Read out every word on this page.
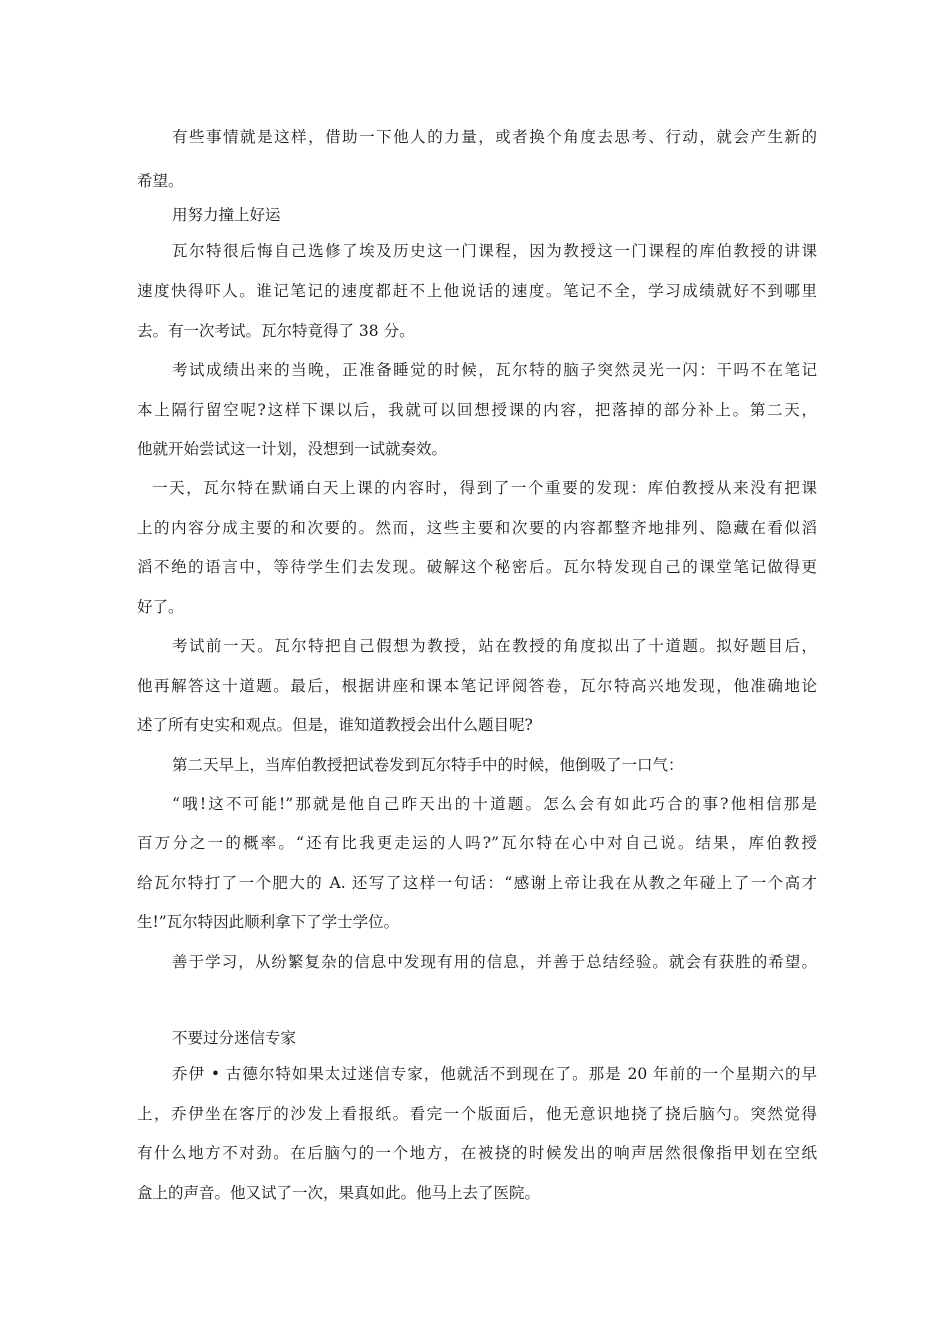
有些事情就是这样，借助一下他人的力量，或者换个角度去思考、行动，就会产生新的
希望。
用努力撞上好运
瓦尔特很后悔自己选修了埃及历史这一门课程，因为教授这一门课程的库伯教授的讲课
速度快得吓人。谁记笔记的速度都赶不上他说话的速度。笔记不全，学习成绩就好不到哪里
去。有一次考试。瓦尔特竟得了 38 分。
考试成绩出来的当晚，正准备睡觉的时候，瓦尔特的脑子突然灵光一闪：干吗不在笔记
本上隔行留空呢?这样下课以后，我就可以回想授课的内容，把落掉的部分补上。第二天，
他就开始尝试这一计划，没想到一试就奏效。
一天，瓦尔特在默诵白天上课的内容时，得到了一个重要的发现：库伯教授从来没有把课
上的内容分成主要的和次要的。然而，这些主要和次要的内容都整齐地排列、隐藏在看似滔
滔不绝的语言中，等待学生们去发现。破解这个秘密后。瓦尔特发现自己的课堂笔记做得更
好了。
考试前一天。瓦尔特把自己假想为教授，站在教授的角度拟出了十道题。拟好题目后，
他再解答这十道题。最后，根据讲座和课本笔记评阅答卷，瓦尔特高兴地发现，他准确地论
述了所有史实和观点。但是，谁知道教授会出什么题目呢?
第二天早上，当库伯教授把试卷发到瓦尔特手中的时候，他倒吸了一口气：
“哦!这不可能!”那就是他自己昨天出的十道题。怎么会有如此巧合的事?他相信那是
百万分之一的概率。“还有比我更走运的人吗?”瓦尔特在心中对自己说。结果，库伯教授
给瓦尔特打了一个肥大的 A. 还写了这样一句话：“感谢上帝让我在从教之年碰上了一个高才
生!”瓦尔特因此顺利拿下了学士学位。
善于学习，从纷繁复杂的信息中发现有用的信息，并善于总结经验。就会有获胜的希望。
不要过分迷信专家
乔伊 • 古德尔特如果太过迷信专家，他就活不到现在了。那是 20 年前的一个星期六的早
上，乔伊坐在客厅的沙发上看报纸。看完一个版面后，他无意识地挠了挠后脑勺。突然觉得
有什么地方不对劲。在后脑勺的一个地方，在被挠的时候发出的响声居然很像指甲划在空纸
盒上的声音。他又试了一次，果真如此。他马上去了医院。
